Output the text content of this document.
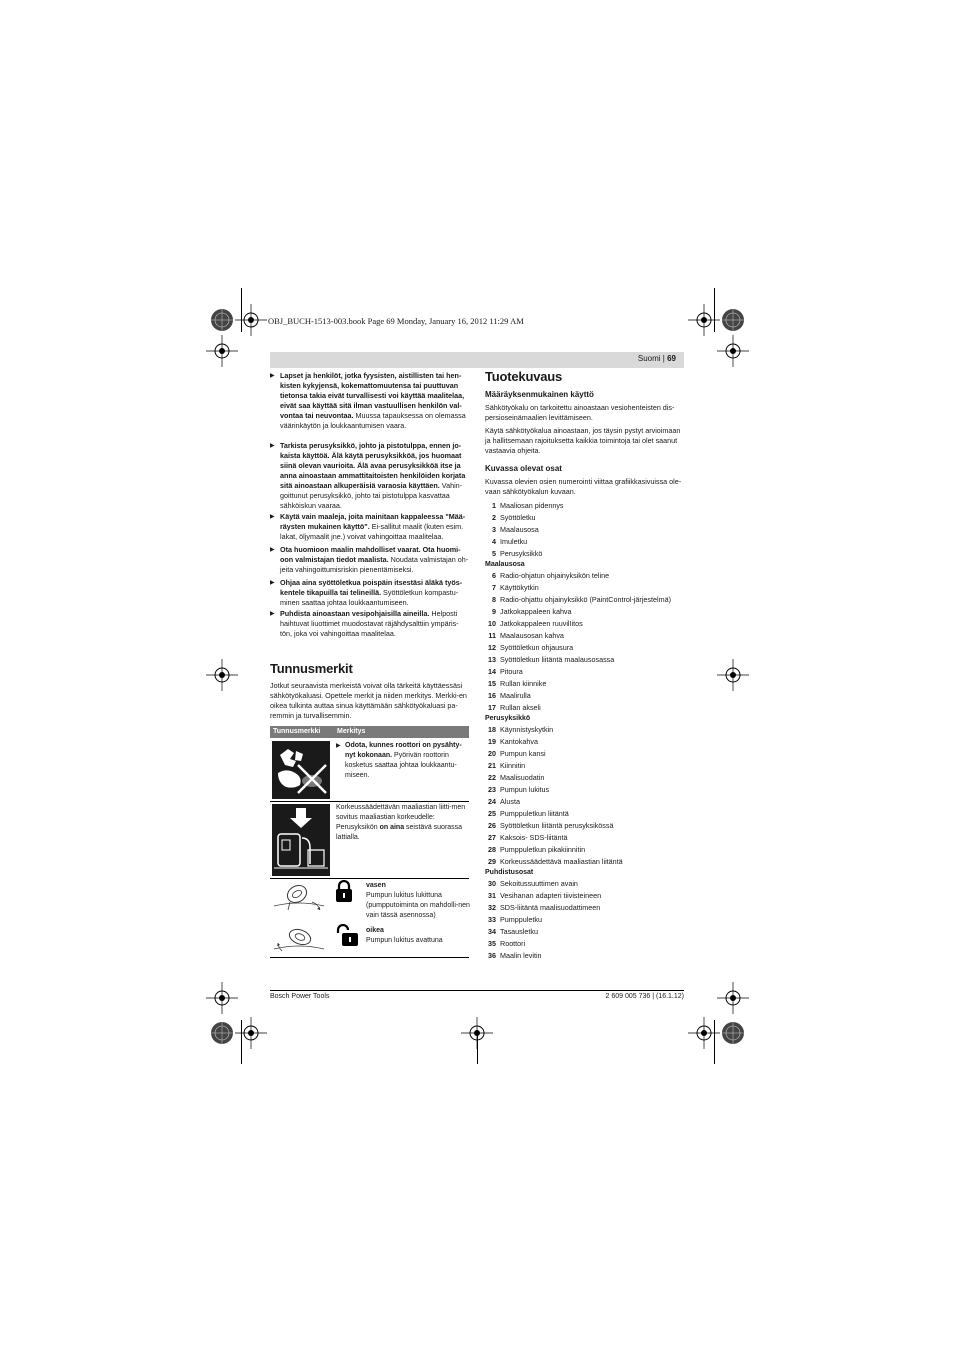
OBJ_BUCH-1513-003.book Page 69 Monday, January 16, 2012 11:29 AM
Suomi | 69
▶ Lapset ja henkilöt, jotka fyysisten, aistillisten tai hen-kisten kykyjensä, kokemattomuutensa tai puuttuvan tietonsa takia eivät turvallisesti voi käyttää maalitelaa, eivät saa käyttää sitä ilman vastuullisen henkilön val-vontaa tai neuvontaa. Muussa tapauksessa on olemassa väärinkäytön ja loukkaantumisen vaara.
▶ Tarkista perusyksikkö, johto ja pistotulppa, ennen jo-kaista käyttöä. Älä käytä perusyksikköä, jos huomaat siinä olevan vaurioita. Älä avaa perusyksikköä itse ja anna ainoastaan ammattitaitoisten henkilöiden korjata sitä ainoastaan alkuperäisiä varaosia käyttäen. Vahin-goittunut perusyksikkö, johto tai pistotulppa kasvattaa sähköiskun vaaraa.
▶ Käytä vain maaleja, joita mainitaan kappaleessa "Mää-räysten mukainen käyttö". Ei-sallitut maalit (kuten esim. lakat, öljymaalit jne.) voivat vahingoittaa maalitelaa.
▶ Ota huomioon maalin mahdolliset vaarat. Ota huomi-oon valmistajan tiedot maalista. Noudata valmistajan oh-jeita vahingoittumisriskin pienentämiseksi.
▶ Ohjaa aina syöttöletkua poispäin itsestäsi äläkä työs-kentele tikapuilla tai telineillä. Syöttöletkun kompastu-minen saattaa johtaa loukkaantumiseen.
▶ Puhdista ainoastaan vesipohjaisilla aineilla. Helposti haihtuvat liuottimet muodostavat räjähdysalttiin ympäris-tön, joka voi vahingoittaa maalitelaa.
Tunnusmerkit

Jotkut seuraavista merkeistä voivat olla tärkeitä käyttäessäsi sähkötyökaluasi. Opettele merkit ja niiden merkitys. Merkki-en oikea tulkinta auttaa sinua käyttämään sähkötyökaluasi pa-remmin ja turvallisemmin.

Tunnusmerkki Merkitys
▶ Odota, kunnes roottori on pysähty-nyt kokonaan. Pyörivän roottorin kosketus saattaa johtaa loukkaantu-miseen.
Korkeussäädettävän maaliastian liitti-men sovitus maaliastian korkeudelle: Perusyksikön on aina seistävä suorassa lattialla.
vasen
Pumpun lukitus lukittuna (pumpputoiminta on mahdolli-nen vain tässä asennossa)
oikea
Pumpun lukitus avattuna
Tuotekuvaus
Määräyksenmukainen käyttö

Sähkötyökalu on tarkoitettu ainoastaan vesiohenteisten dis-persioseinämaalien levittämiseen.

Käytä sähkötyökalua ainoastaan, jos täysin pystyt arvioimaan ja hallitsemaan rajoituksetta kaikkia toimintoja tai olet saanut vastaavia ohjeita.

Kuvassa olevat osat

Kuvassa olevien osien numerointi viittaa grafiikkasivuissa ole-vaan sähkötyökalun kuvaan.

1 Maaliosan pidennys
2 Syöttöletku
3 Maalausosa
4 Imuletku
5 Perusyksikkö
Maalausosa
6 Radio-ohjatun ohjainyksikön teline
7 Käyttökytkin
8 Radio-ohjattu ohjainyksikkö (PaintControl-järjestelmä)
9 Jatkokappaleen kahva
10 Jatkokappaleen ruuvilIitos
11 Maalausosan kahva
12 Syöttöletkun ohjausura
13 Syöttöletkun liitäntä maalausosassa
14 Pitoura
15 Rullan kiinnike
16 Maalirulla
17 Rullan akseli
Perusyksikkö
18 Käynnistyskytkin
19 Kantokahva
20 Pumpun kansi
21 Kiinnitin
22 Maalisuodatin
23 Pumpun lukitus
24 Alusta
25 Pumppuletkun liitäntä
26 Syöttöletkun liitäntä perusyksikössä
27 Kaksois- SDS-liitäntä
28 Pumppuletkun pikakiinnitin
29 Korkeussäädettävä maaliastian liitäntä
Puhdistusosat
30 Sekoitussuuttimen avain
31 Vesihanan adapteri tiivisteineen
32 SDS-liitäntä maalisuodattimeen
33 Pumppuletku
34 Tasausletku
35 Roottori
36 Maalin levitin
Bosch Power Tools	2 609 005 736 | (16.1.12)
